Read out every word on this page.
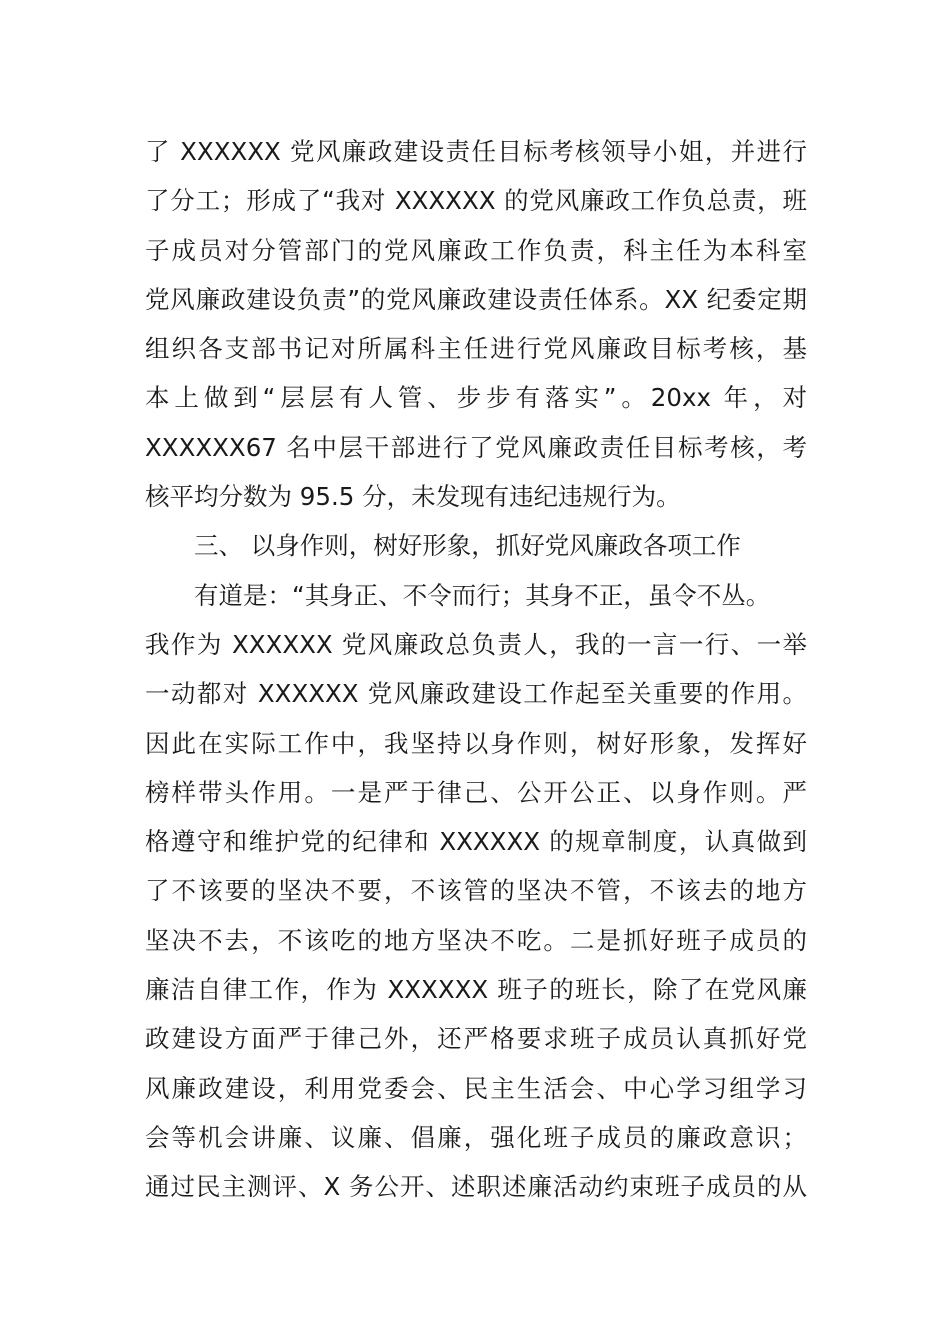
了 XXXXXX 党风廉政建设责任目标考核领导小姐，并进行
了分工；形成了“我对 XXXXXX 的党风廉政工作负总责，班
子成员对分管部门的党风廉政工作负责，科主任为本科室
党风廉政建设负责”的党风廉政建设责任体系。XX 纪委定期
组织各支部书记对所属科主任进行党风廉政目标考核，基
本上做到“层层有人管、步步有落实”。20xx 年，对
XXXXXX67 名中层干部进行了党风廉政责任目标考核，考
核平均分数为 95.5 分，未发现有违纪违规行为。
三、 以身作则，树好形象，抓好党风廉政各项工作
有道是：“其身正、不令而行；其身不正，虽令不丛。
我作为 XXXXXX 党风廉政总负责人，我的一言一行、一举
一动都对 XXXXXX 党风廉政建设工作起至关重要的作用。
因此在实际工作中，我坚持以身作则，树好形象，发挥好
榜样带头作用。一是严于律己、公开公正、以身作则。严
格遵守和维护党的纪律和 XXXXXX 的规章制度，认真做到
了不该要的坚决不要，不该管的坚决不管，不该去的地方
坚决不去，不该吃的地方坚决不吃。二是抓好班子成员的
廉洁自律工作，作为 XXXXXX 班子的班长，除了在党风廉
政建设方面严于律己外，还严格要求班子成员认真抓好党
风廉政建设，利用党委会、民主生活会、中心学习组学习
会等机会讲廉、议廉、倡廉，强化班子成员的廉政意识；
通过民主测评、X 务公开、述职述廉活动约束班子成员的从
